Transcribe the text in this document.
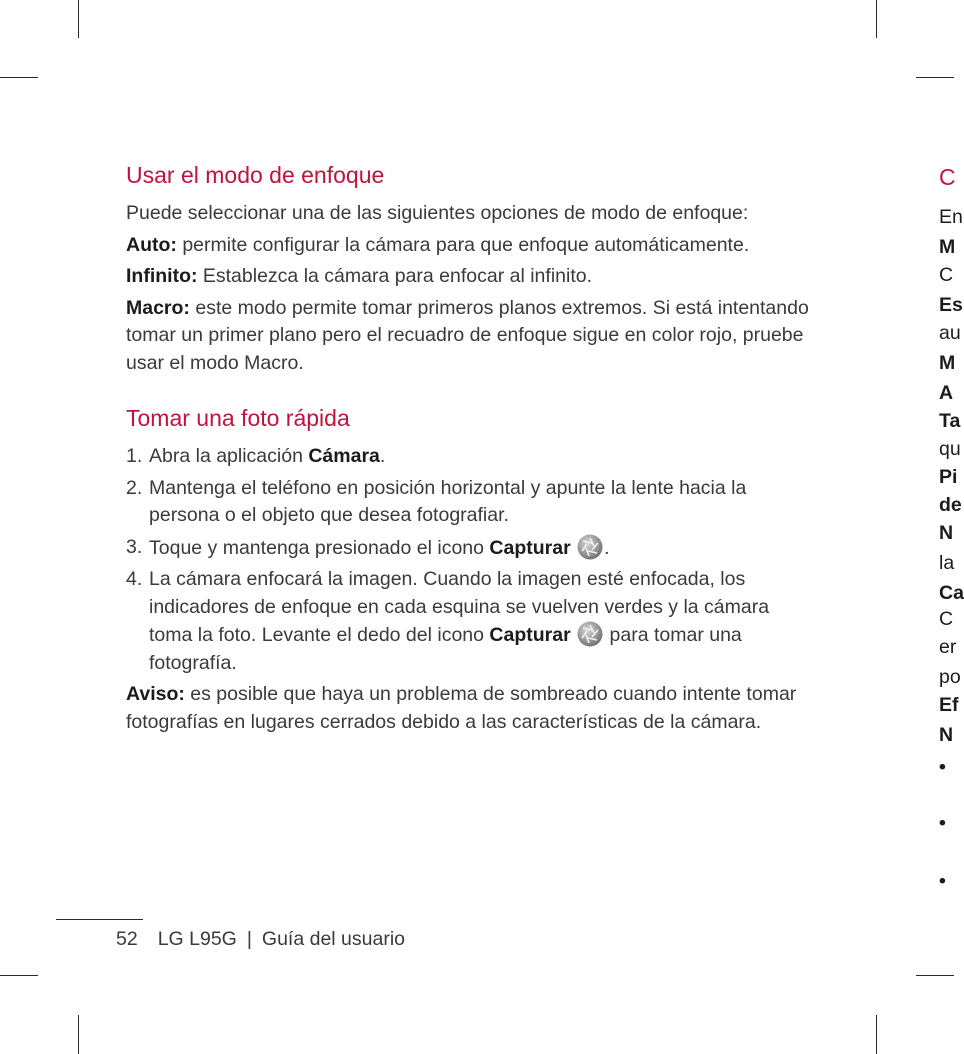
Usar el modo de enfoque

Puede seleccionar una de las siguientes opciones de modo de enfoque:

Auto: permite configurar la cámara para que enfoque automáticamente.

Infinito: Establezca la cámara para enfocar al infinito.

Macro: este modo permite tomar primeros planos extremos. Si está intentando tomar un primer plano pero el recuadro de enfoque sigue en color rojo, pruebe usar el modo Macro.

Tomar una foto rápida
1. Abra la aplicación Cámara.
2. Mantenga el teléfono en posición horizontal y apunte la lente hacia la persona o el objeto que desea fotografiar.
3. Toque y mantenga presionado el icono Capturar .
4. La cámara enfocará la imagen. Cuando la imagen esté enfocada, los indicadores de enfoque en cada esquina se vuelven verdes y la cámara toma la foto. Levante el dedo del icono Capturar  para tomar una fotografía.

Aviso: es posible que haya un problema de sombreado cuando intente tomar fotografías en lugares cerrados debido a las características de la cámara.

52 LG L95G | Guía del usuario
C
En
M
C
Es
au
M
A
Ta
qu
Pi
de
N
la
Ca
C
er
po
Ef
N
•
•
•
